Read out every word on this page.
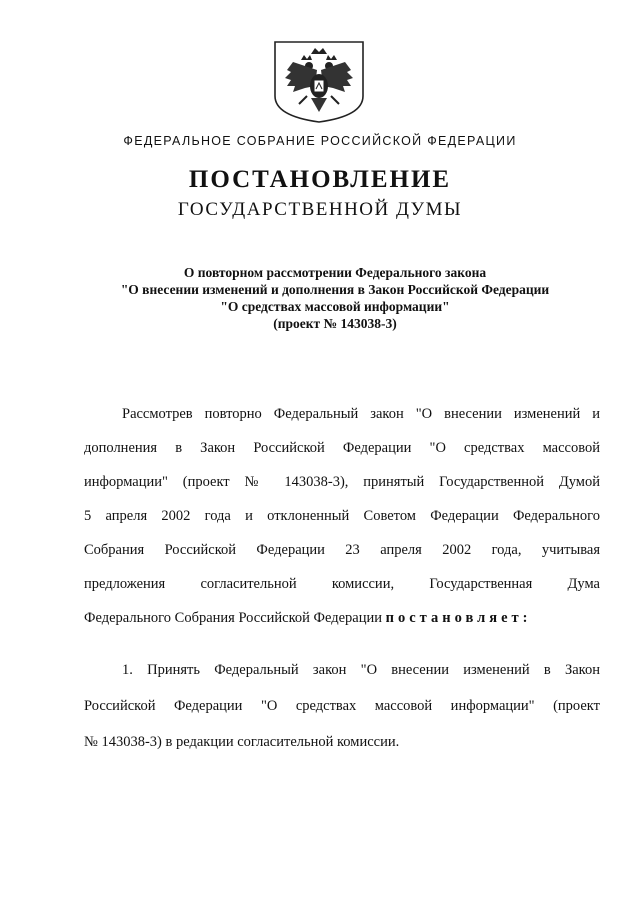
ФЕДЕРАЛЬНОЕ СОБРАНИЕ РОССИЙСКОЙ ФЕДЕРАЦИИ
ПОСТАНОВЛЕНИЕ
ГОСУДАРСТВЕННОЙ ДУМЫ
О повторном рассмотрении Федерального закона
"О внесении изменений и дополнения в Закон Российской Федерации
"О средствах массовой информации"
(проект № 143038-3)
Рассмотрев повторно Федеральный закон "О внесении изменений и
дополнения в Закон Российской Федерации "О средствах массовой
информации" (проект № 143038-3), принятый Государственной Думой
5 апреля 2002 года и отклоненный Советом Федерации Федерального
Собрания Российской Федерации 23 апреля 2002 года, учитывая
предложения согласительной комиссии, Государственная Дума
Федерального Собрания Российской Федерации постановляет:
1. Принять Федеральный закон "О внесении изменений в Закон
Российской Федерации "О средствах массовой информации" (проект
№ 143038-3) в редакции согласительной комиссии.
